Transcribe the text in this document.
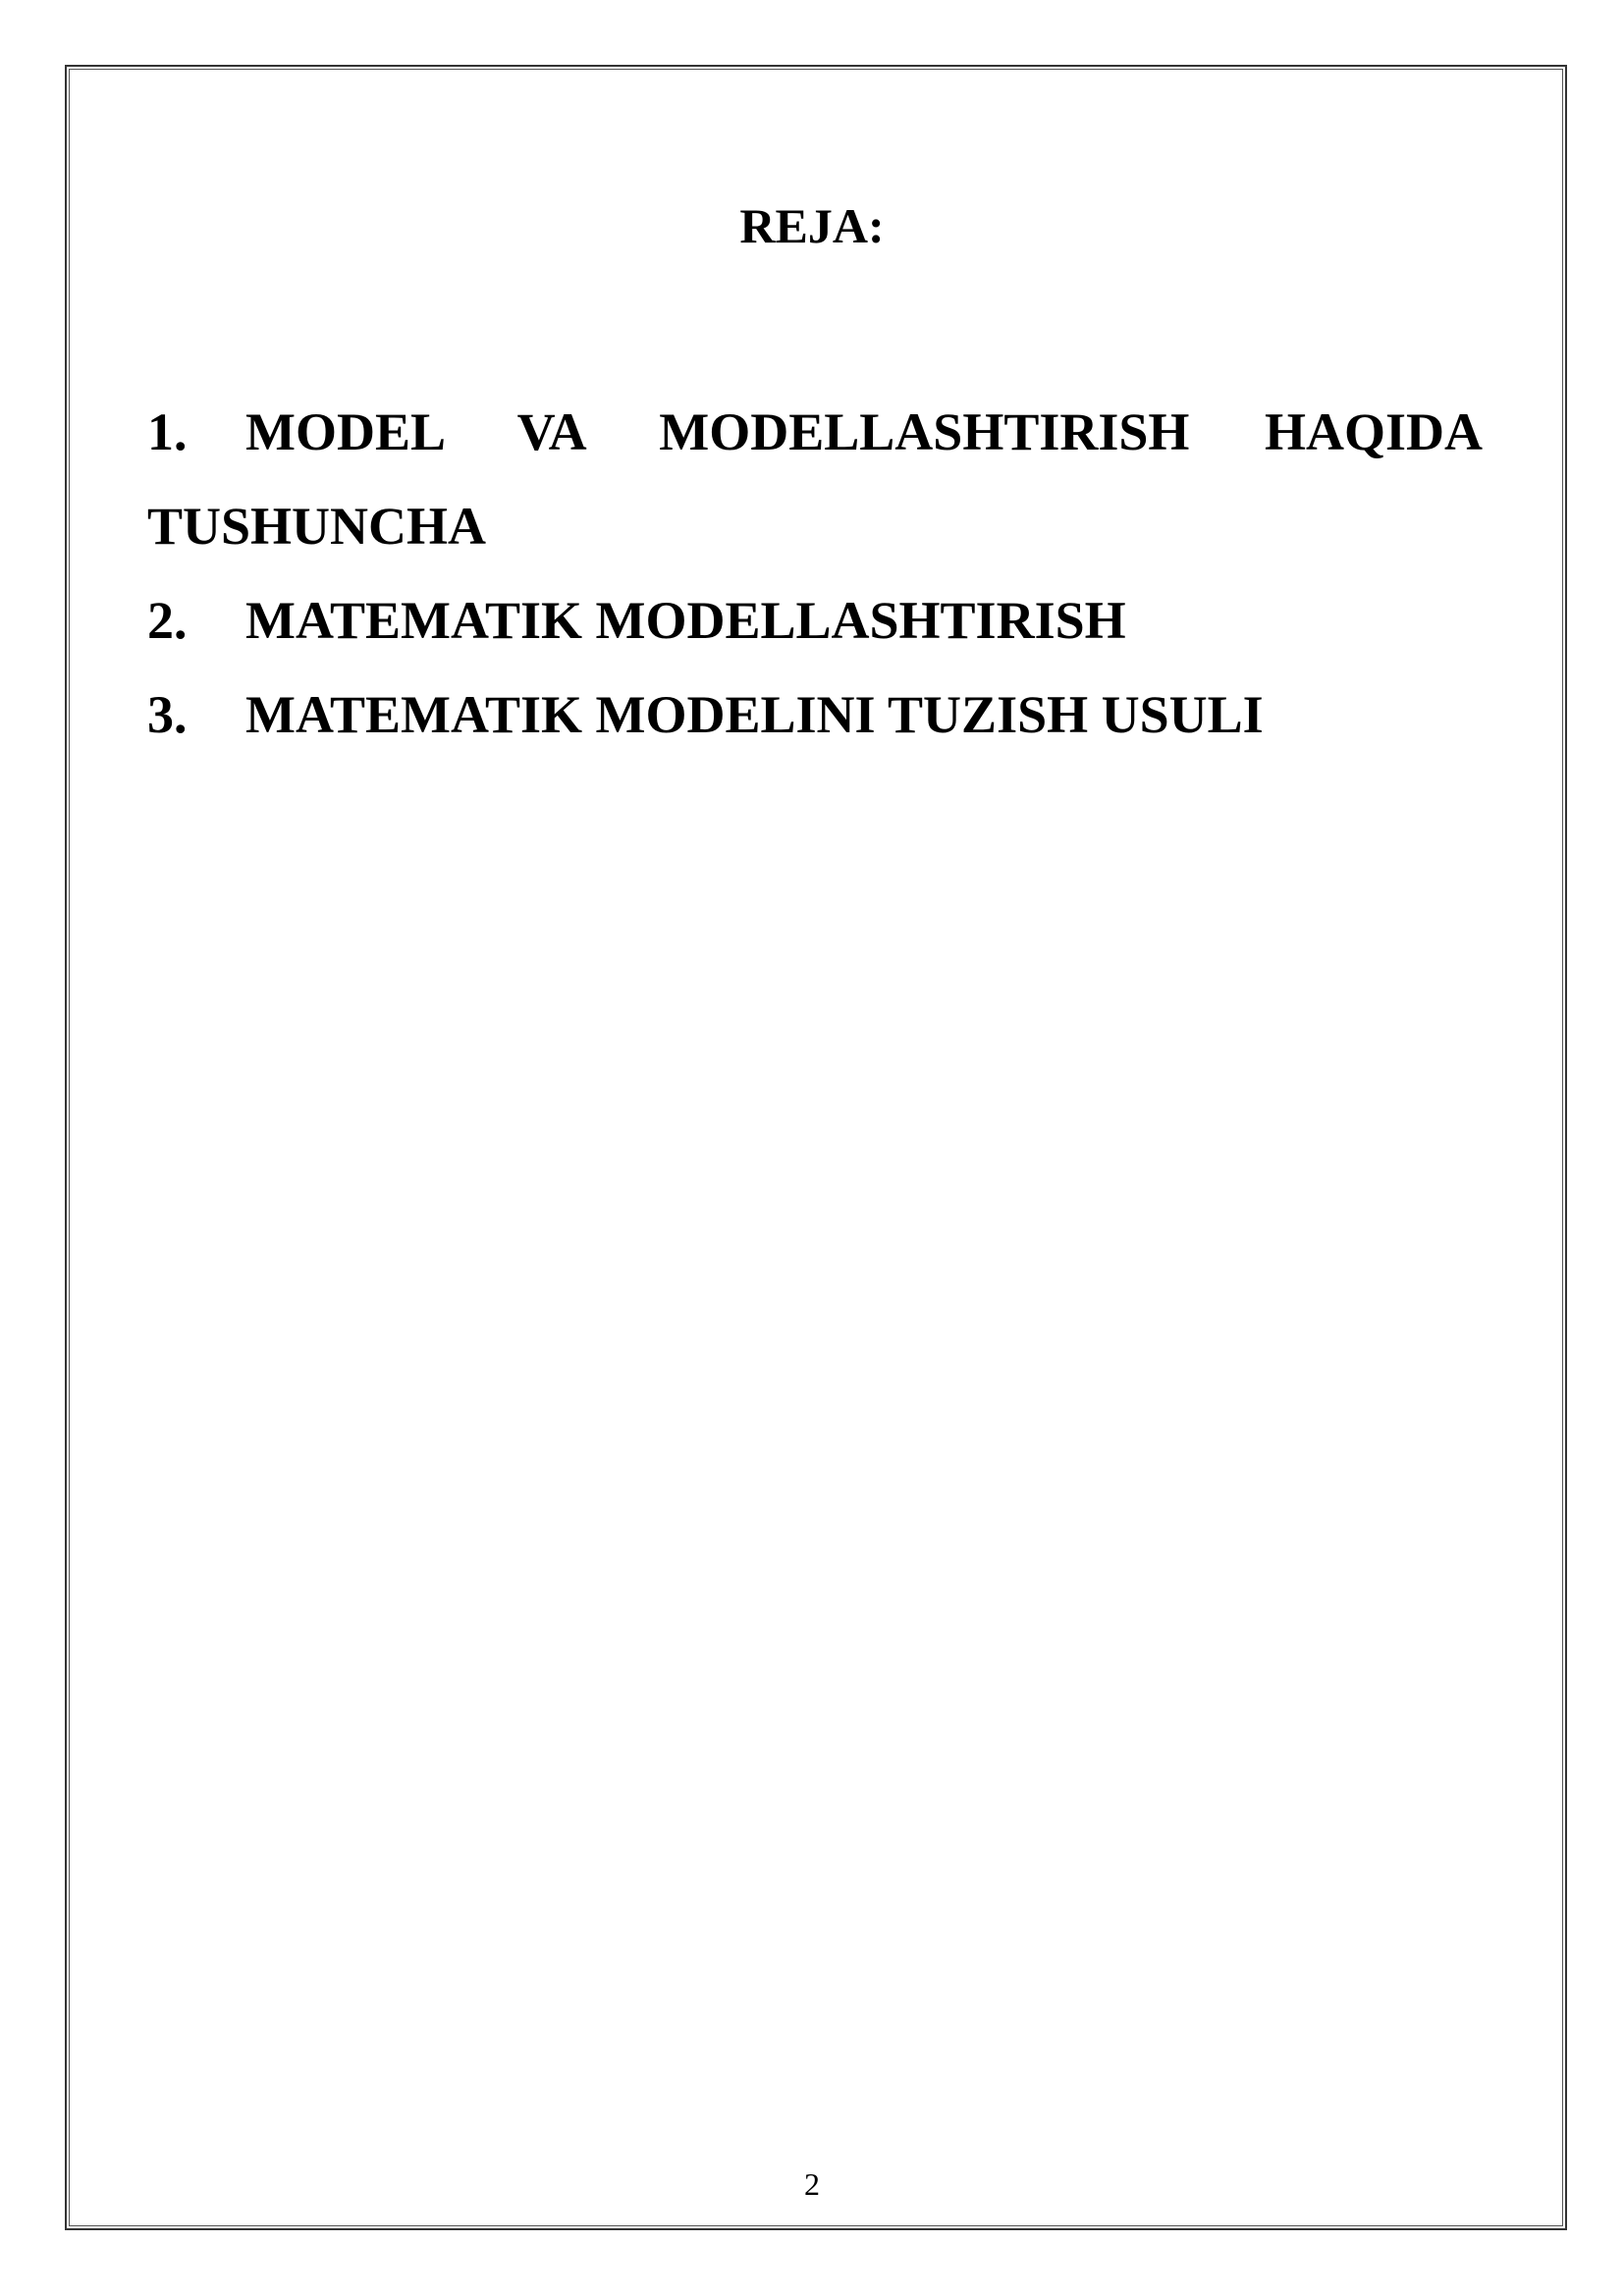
REJA:
1. MODEL VA MODELLASHTIRISH HAQIDA
TUSHUNCHA
2. MATEMATIK MODELLASHTIRISH
3. MATEMATIK MODELINI TUZISH USULI
2
